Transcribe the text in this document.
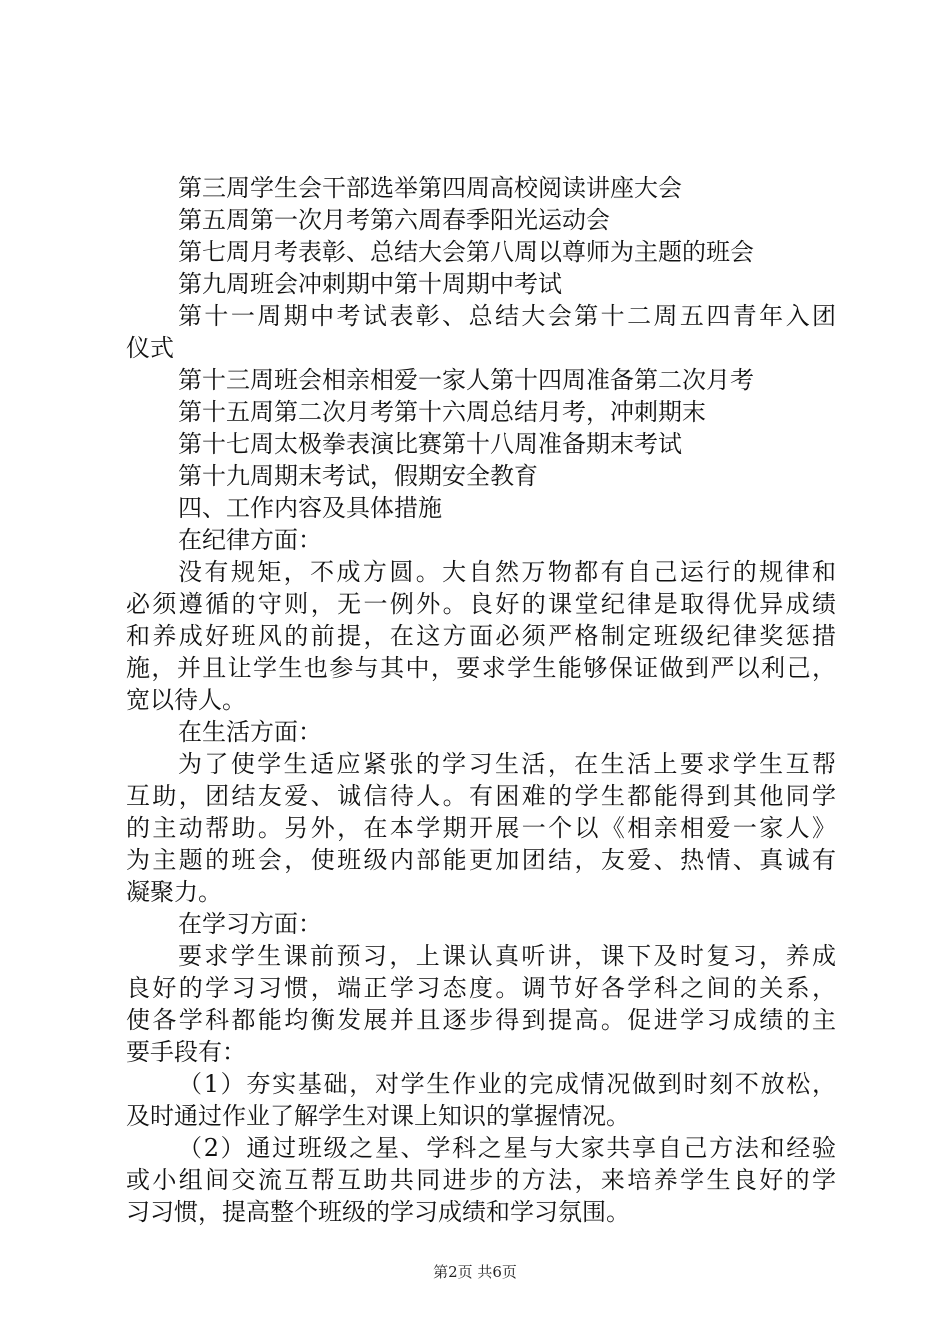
第三周学生会干部选举第四周高校阅读讲座大会

第五周第一次月考第六周春季阳光运动会

第七周月考表彰、总结大会第八周以尊师为主题的班会

第九周班会冲刺期中第十周期中考试

第十一周期中考试表彰、总结大会第十二周五四青年入团

仪式

第十三周班会相亲相爱一家人第十四周准备第二次月考

第十五周第二次月考第十六周总结月考，冲刺期末

第十七周太极拳表演比赛第十八周准备期末考试

第十九周期末考试，假期安全教育

四、工作内容及具体措施

在纪律方面：

没有规矩，不成方圆。大自然万物都有自己运行的规律和

必须遵循的守则，无一例外。良好的课堂纪律是取得优异成绩

和养成好班风的前提，在这方面必须严格制定班级纪律奖惩措

施，并且让学生也参与其中，要求学生能够保证做到严以利己，

宽以待人。

在生活方面：

为了使学生适应紧张的学习生活，在生活上要求学生互帮

互助，团结友爱、诚信待人。有困难的学生都能得到其他同学

的主动帮助。另外，在本学期开展一个以《相亲相爱一家人》

为主题的班会，使班级内部能更加团结，友爱、热情、真诚有

凝聚力。

在学习方面：

要求学生课前预习，上课认真听讲，课下及时复习，养成

良好的学习习惯，端正学习态度。调节好各学科之间的关系，

使各学科都能均衡发展并且逐步得到提高。促进学习成绩的主

要手段有：

（1）夯实基础，对学生作业的完成情况做到时刻不放松，

及时通过作业了解学生对课上知识的掌握情况。

（2）通过班级之星、学科之星与大家共享自己方法和经验

或小组间交流互帮互助共同进步的方法，来培养学生良好的学

习习惯，提高整个班级的学习成绩和学习氛围。

第2页 共6页
